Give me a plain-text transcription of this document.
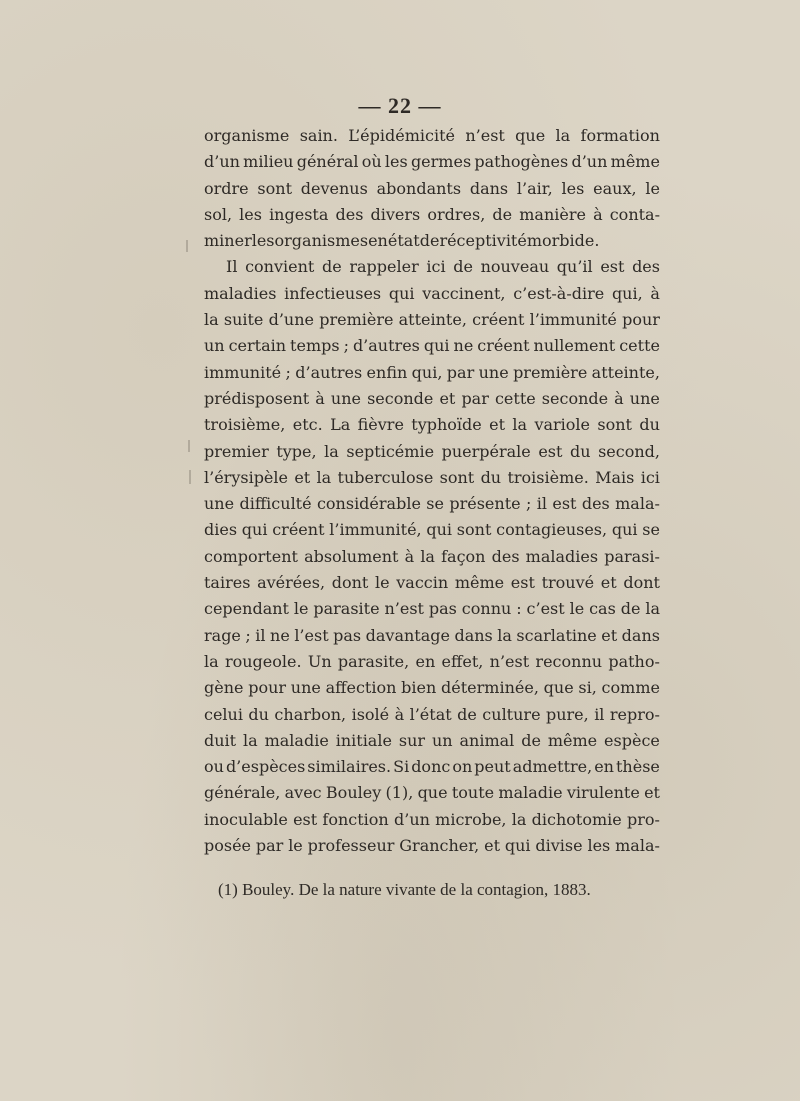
— 22 —
organisme sain. L’épidémicité n’est que la formation
d’un milieu général où les germes pathogènes d’un même
ordre sont devenus abondants dans l’air, les eaux, le
sol, les ingesta des divers ordres, de manière à conta-
miner les organismes en état de réceptivité morbide.
Il convient de rappeler ici de nouveau qu’il est des
maladies infectieuses qui vaccinent, c’est-à-dire qui, à
la suite d’une première atteinte, créent l’immunité pour
un certain temps ; d’autres qui ne créent nullement cette
immunité ; d’autres enfin qui, par une première atteinte,
prédisposent à une seconde et par cette seconde à une
troisième, etc. La fièvre typhoïde et la variole sont du
premier type, la septicémie puerpérale est du second,
l’érysipèle et la tuberculose sont du troisième. Mais ici
une difficulté considérable se présente ; il est des mala-
dies qui créent l’immunité, qui sont contagieuses, qui se
comportent absolument à la façon des maladies parasi-
taires avérées, dont le vaccin même est trouvé et dont
cependant le parasite n’est pas connu : c’est le cas de la
rage ; il ne l’est pas davantage dans la scarlatine et dans
la rougeole. Un parasite, en effet, n’est reconnu patho-
gène pour une affection bien déterminée, que si, comme
celui du charbon, isolé à l’état de culture pure, il repro-
duit la maladie initiale sur un animal de même espèce
ou d’espèces similaires. Si donc on peut admettre, en thèse
générale, avec Bouley (1), que toute maladie virulente et
inoculable est fonction d’un microbe, la dichotomie pro-
posée par le professeur Grancher, et qui divise les mala-
(1) Bouley. De la nature vivante de la contagion, 1883.
